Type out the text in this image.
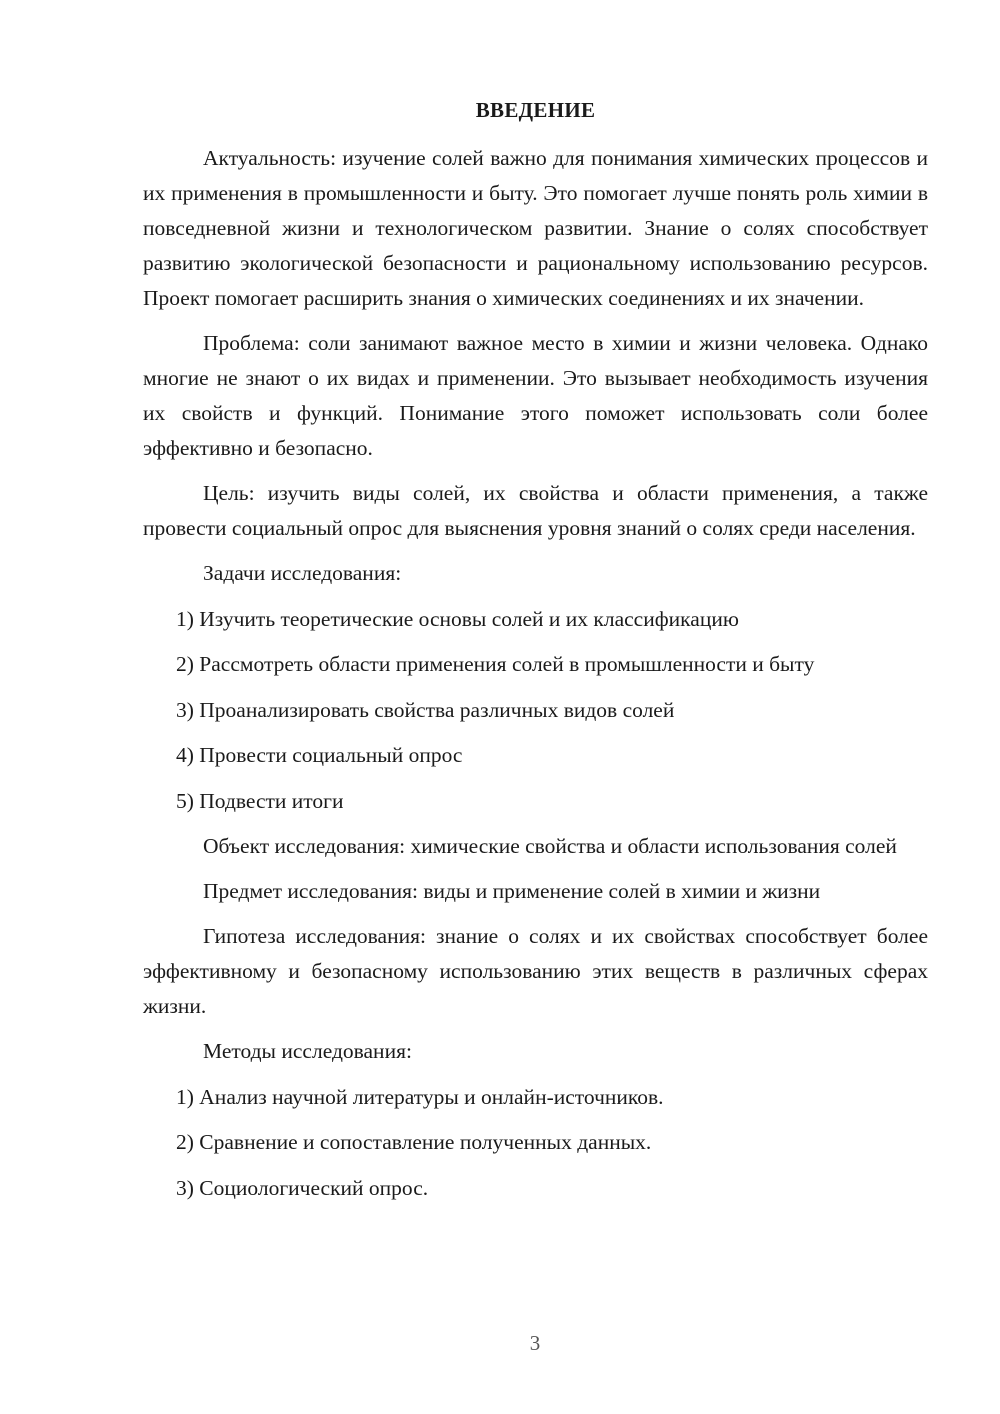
ВВЕДЕНИЕ

Актуальность: изучение солей важно для понимания химических процессов и их применения в промышленности и быту. Это помогает лучше понять роль химии в повседневной жизни и технологическом развитии. Знание о солях способствует развитию экологической безопасности и рациональному использованию ресурсов. Проект помогает расширить знания о химических соединениях и их значении.

Проблема: соли занимают важное место в химии и жизни человека. Однако многие не знают о их видах и применении. Это вызывает необходимость изучения их свойств и функций. Понимание этого поможет использовать соли более эффективно и безопасно.

Цель: изучить виды солей, их свойства и области применения, а также провести социальный опрос для выяснения уровня знаний о солях среди населения.

Задачи исследования:
1) Изучить теоретические основы солей и их классификацию
2) Рассмотреть области применения солей в промышленности и быту
3) Проанализировать свойства различных видов солей
4) Провести социальный опрос
5) Подвести итоги

Объект исследования: химические свойства и области использования солей

Предмет исследования: виды и применение солей в химии и жизни

Гипотеза исследования: знание о солях и их свойствах способствует более эффективному и безопасному использованию этих веществ в различных сферах жизни.

Методы исследования:
1) Анализ научной литературы и онлайн-источников.
2) Сравнение и сопоставление полученных данных.
3) Социологический опрос.
3
